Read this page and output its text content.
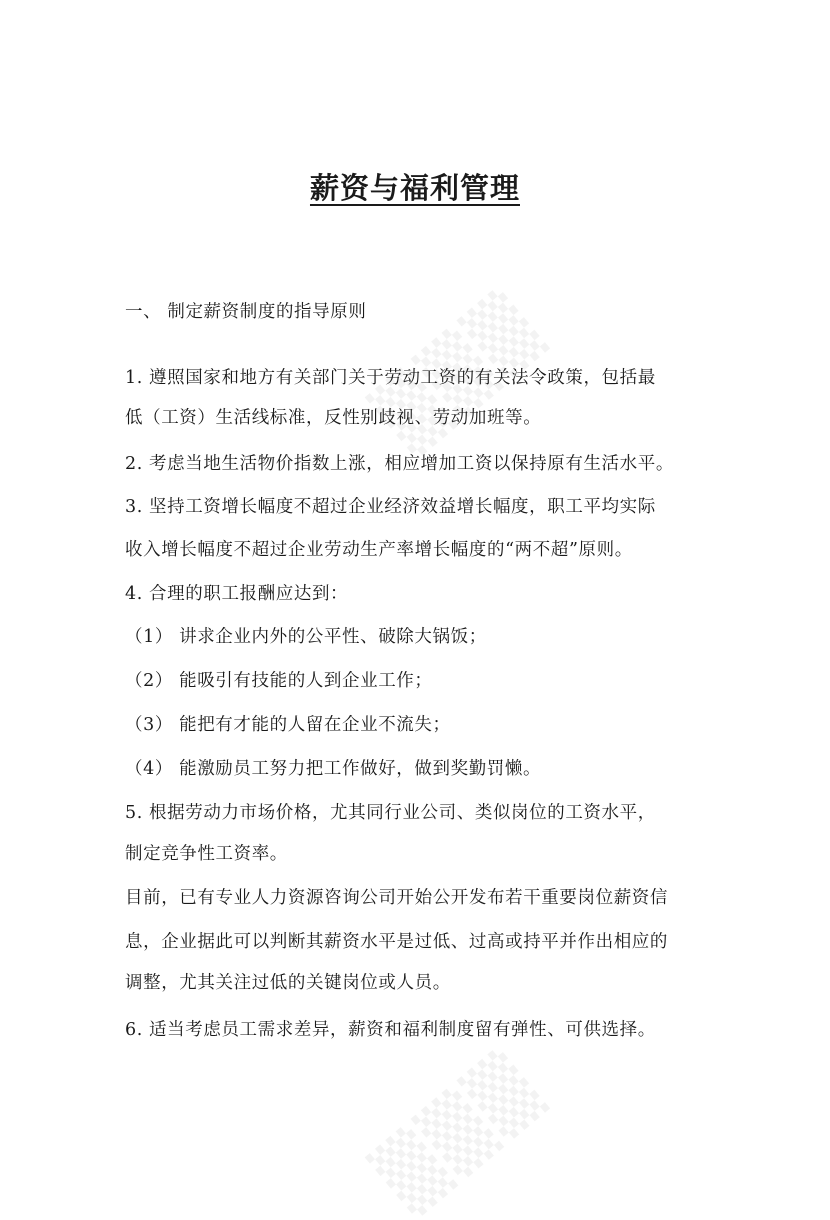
薪资与福利管理
一、 制定薪资制度的指导原则
1. 遵照国家和地方有关部门关于劳动工资的有关法令政策，包括最
低（工资）生活线标准，反性别歧视、劳动加班等。
2. 考虑当地生活物价指数上涨，相应增加工资以保持原有生活水平。
3. 坚持工资增长幅度不超过企业经济效益增长幅度，职工平均实际
收入增长幅度不超过企业劳动生产率增长幅度的“两不超”原则。
4. 合理的职工报酬应达到：
（1） 讲求企业内外的公平性、破除大锅饭；
（2） 能吸引有技能的人到企业工作；
（3） 能把有才能的人留在企业不流失；
（4） 能激励员工努力把工作做好，做到奖勤罚懒。
5. 根据劳动力市场价格，尤其同行业公司、类似岗位的工资水平，
制定竞争性工资率。
目前，已有专业人力资源咨询公司开始公开发布若干重要岗位薪资信
息，企业据此可以判断其薪资水平是过低、过高或持平并作出相应的
调整，尤其关注过低的关键岗位或人员。
6. 适当考虑员工需求差异，薪资和福利制度留有弹性、可供选择。
